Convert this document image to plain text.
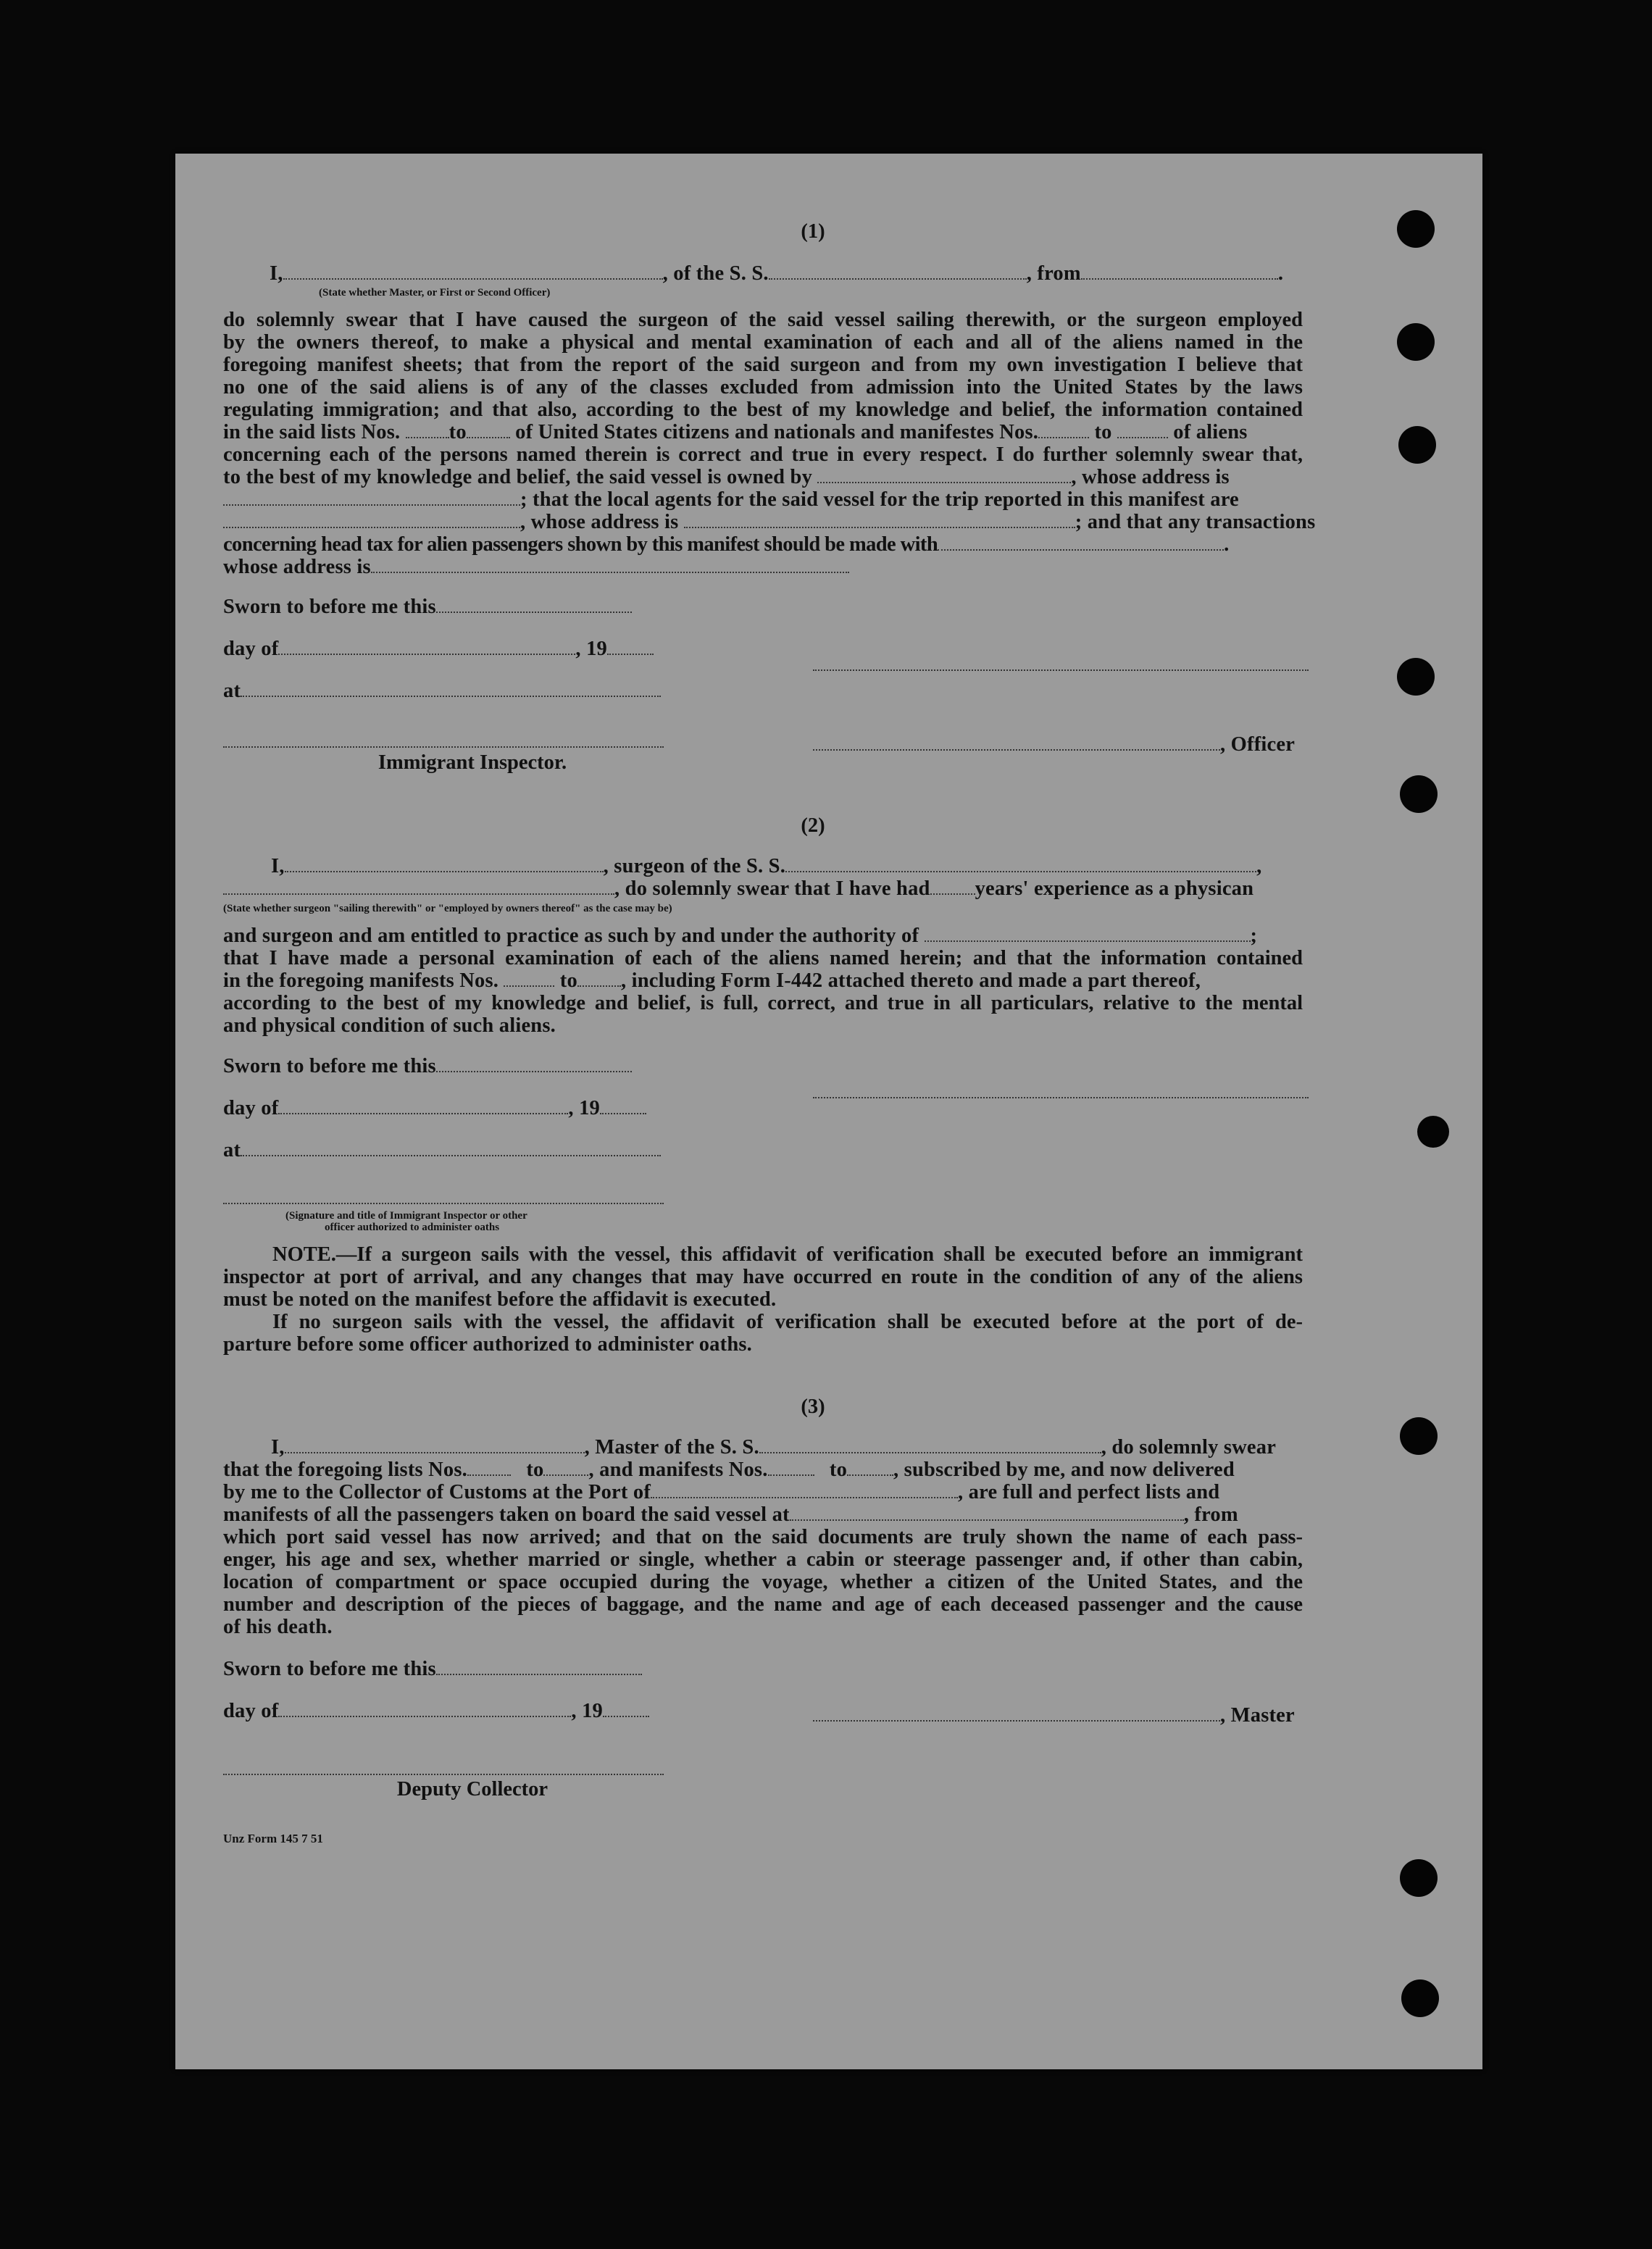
(1)
I,	, of the S. S.	, from	.
(State whether Master, or First or Second Officer)
do solemnly swear that I have caused the surgeon of the said vessel sailing therewith, or the surgeon employed
by the owners thereof, to make a physical and mental examination of each and all of the aliens named in the
foregoing manifest sheets; that from the report of the said surgeon and from my own investigation I believe that
no one of the said aliens is of any of the classes excluded from admission into the United States by the laws
regulating immigration; and that also, according to the best of my knowledge and belief, the information contained
in the said lists Nos. to of United States citizens and nationals and manifestes Nos.	to	of aliens
concerning each of the persons named therein is correct and true in every respect. I do further solemnly swear that,
to the best of my knowledge and belief, the said vessel is owned by	, whose address is
; that the local agents for the said vessel for the trip reported in this manifest are
, whose address is	; and that any transactions
concerning head tax for alien passengers shown by this manifest should be made with	.
whose address is
Sworn to before me this
day of	, 19
at
, Officer
Immigrant Inspector.
(2)
I,	, surgeon of the S. S.	,
, do solemnly swear that I have had years' experience as a physican
(State whether surgeon "sailing therewith" or "employed by owners thereof" as the case may be)
and surgeon and am entitled to practice as such by and under the authority of	;
that I have made a personal examination of each of the aliens named herein; and that the information contained
in the foregoing manifests Nos.	to , including Form I-442 attached thereto and made a part thereof,
according to the best of my knowledge and belief, is full, correct, and true in all particulars, relative to the mental
and physical condition of such aliens.
Sworn to before me this
day of	, 19
at
(Signature and title of Immigrant Inspector or other
officer authorized to administer oaths
NOTE.—If a surgeon sails with the vessel, this affidavit of verification shall be executed before an immigrant
inspector at port of arrival, and any changes that may have occurred en route in the condition of any of the aliens
must be noted on the manifest before the affidavit is executed.
If no surgeon sails with the vessel, the affidavit of verification shall be executed before at the port of de-
parture before some officer authorized to administer oaths.
(3)
I,	, Master of the S. S.	, do solemnly swear
that the foregoing lists Nos.	to , and manifests Nos.	to , subscribed by me, and now delivered
by me to the Collector of Customs at the Port of	, are full and perfect lists and
manifests of all the passengers taken on board the said vessel at	, from
which port said vessel has now arrived; and that on the said documents are truly shown the name of each pass-
enger, his age and sex, whether married or single, whether a cabin or steerage passenger and, if other than cabin,
location of compartment or space occupied during the voyage, whether a citizen of the United States, and the
number and description of the pieces of baggage, and the name and age of each deceased passenger and the cause
of his death.
Sworn to before me this
day of	, 19	, Master
Deputy Collector
Unz Form 145 7 51
